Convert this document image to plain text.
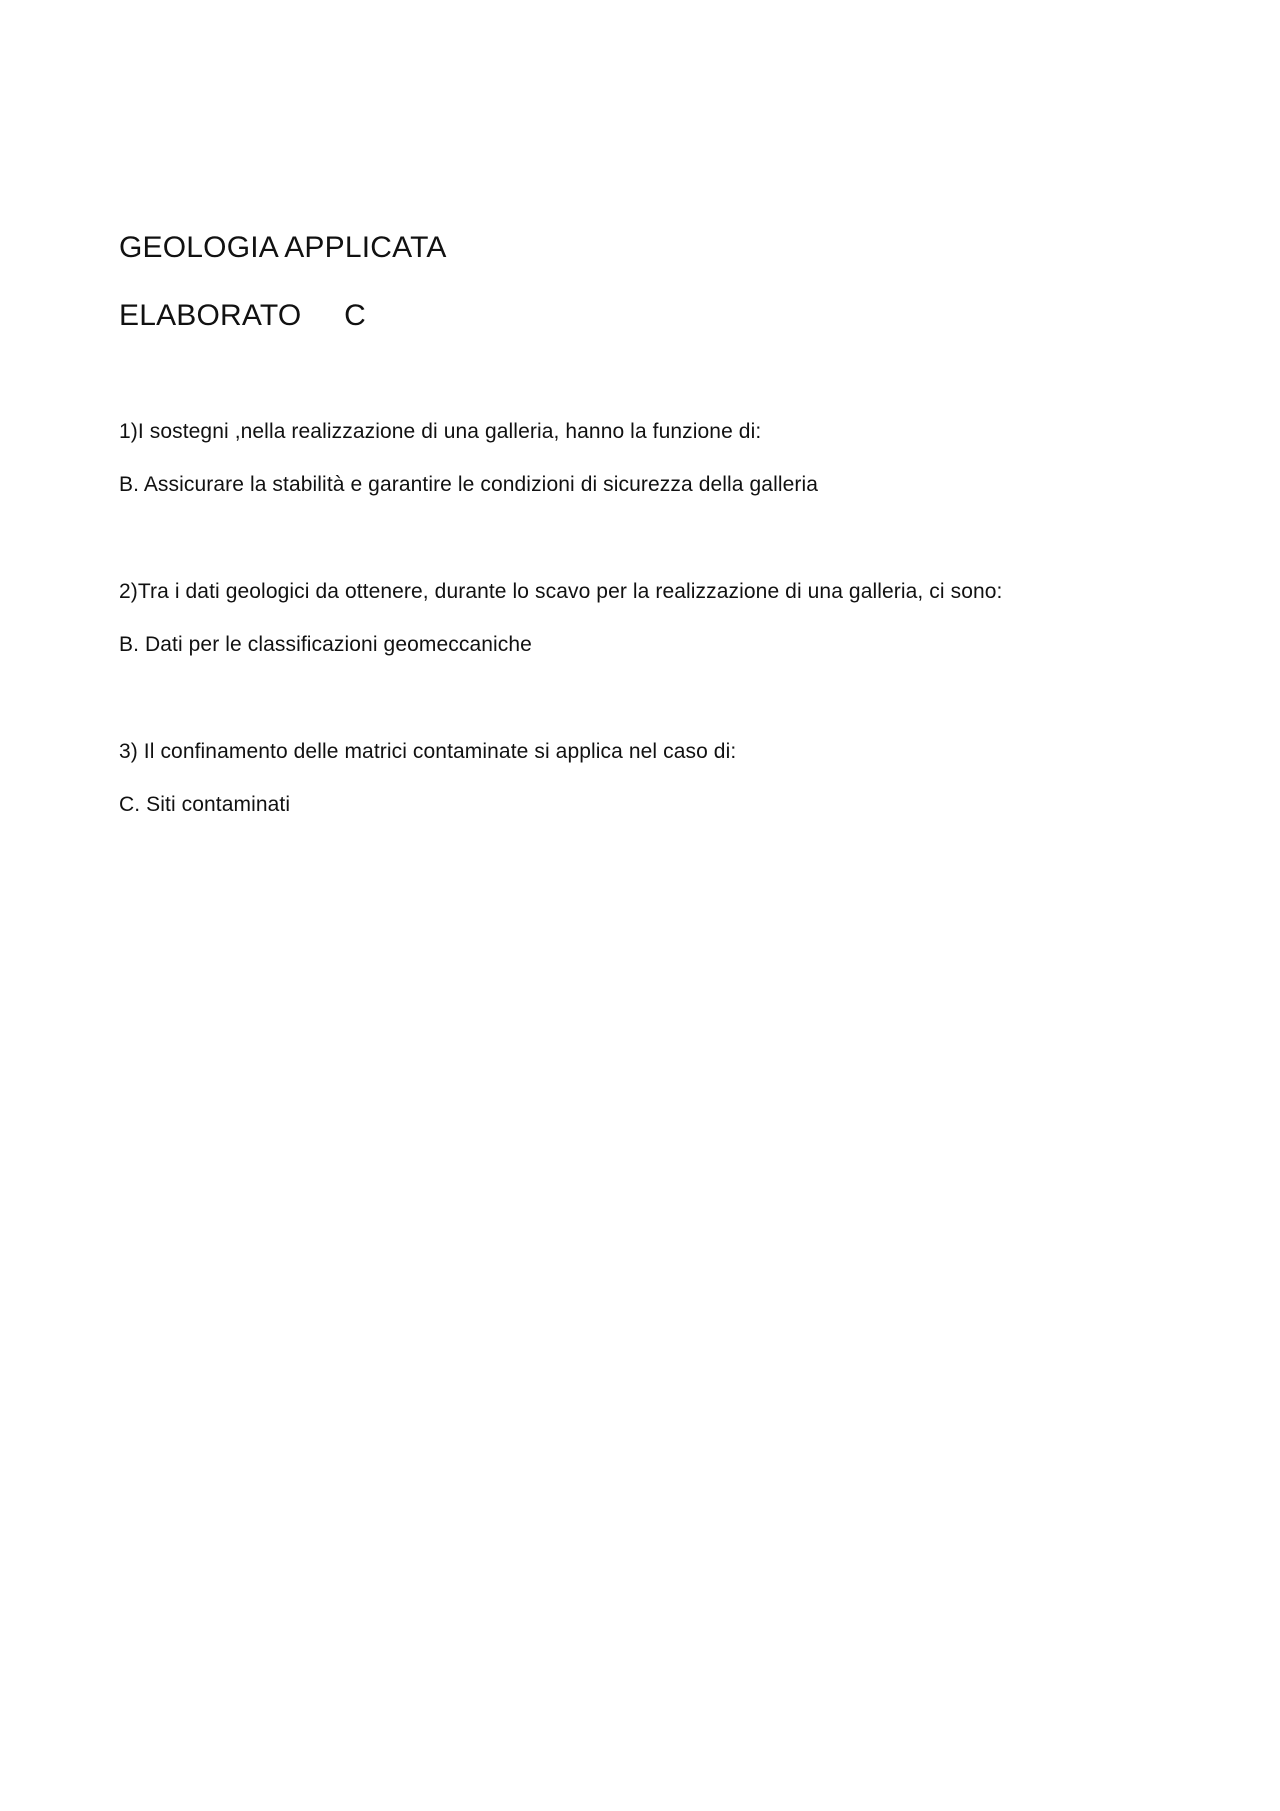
GEOLOGIA APPLICATA
ELABORATO     C
1)I sostegni ,nella realizzazione di una galleria, hanno la funzione di:
B. Assicurare la stabilità e garantire le condizioni di sicurezza della galleria
2)Tra i dati geologici da ottenere, durante lo scavo per la realizzazione di una galleria, ci sono:
B. Dati per le classificazioni geomeccaniche
3) Il confinamento delle matrici contaminate si applica nel caso di:
C. Siti contaminati
